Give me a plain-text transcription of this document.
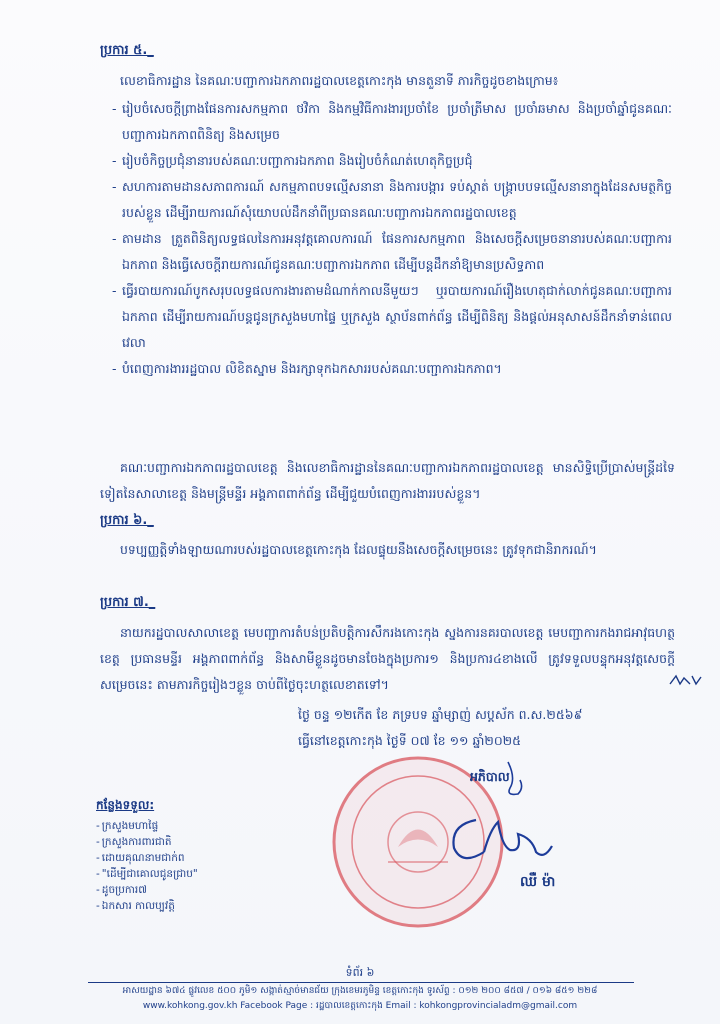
ប្រការ ៥._
លេខាធិការដ្ឋាន នៃគណៈបញ្ជាការឯកភាពរដ្ឋបាលខេត្តកោះកុង មានតួនាទី ភារកិច្ចដូចខាងក្រោម៖
- រៀបចំសេចក្តីព្រាងផែនការសកម្មភាព ថវិកា និងកម្មវិធីការងារប្រចាំខែ ប្រចាំត្រីមាស ប្រចាំឆមាស និងប្រចាំឆ្នាំជូនគណៈបញ្ជាការឯកភាពពិនិត្យ និងសម្រេច
- រៀបចំកិច្ចប្រជុំនានារបស់គណៈបញ្ជាការឯកភាព និងរៀបចំកំណត់ហេតុកិច្ចប្រជុំ
- សហការតាមដានសភាពការណ៍ សកម្មភាពបទល្មើសនានា និងការបង្ការ ទប់ស្កាត់ បង្ក្រាបបទល្មើសនានាក្នុងដែនសមត្ថកិច្ចរបស់ខ្លួន ដើម្បីរាយការណ៍សុំយោបល់ដឹកនាំពីប្រធានគណៈបញ្ជាការឯកភាពរដ្ឋបាលខេត្ត
- តាមដាន ត្រួតពិនិត្យលទ្ធផលនៃការអនុវត្តគោលការណ៍ ផែនការសកម្មភាព និងសេចក្តីសម្រេចនានារបស់គណៈបញ្ជាការឯកភាព និងធ្វើសេចក្តីរាយការណ៍ជូនគណៈបញ្ជាការឯកភាព ដើម្បីបន្តដឹកនាំឱ្យមានប្រសិទ្ធភាព
- ធ្វើរបាយការណ៍បូកសរុបលទ្ធផលការងារតាមដំណាក់កាលនីមួយៗ ឬរបាយការណ៍រឿងហេតុជាក់លាក់ជូនគណៈបញ្ជាការឯកភាព ដើម្បីរាយការណ៍បន្តជូនក្រសួងមហាផ្ទៃ ឬក្រសួង ស្ថាប័នពាក់ព័ន្ធ ដើម្បីពិនិត្យ និងផ្តល់អនុសាសន៍ដឹកនាំទាន់ពេលវេលា
- បំពេញការងាររដ្ឋបាល លិខិតស្នាម និងរក្សាទុកឯកសាររបស់គណៈបញ្ជាការឯកភាព។
គណៈបញ្ជាការឯកភាពរដ្ឋបាលខេត្ត និងលេខាធិការដ្ឋាននៃគណៈបញ្ជាការឯកភាពរដ្ឋបាលខេត្ត មានសិទ្ធិប្រើប្រាស់មន្ត្រីដទៃទៀតនៃសាលាខេត្ត និងមន្ត្រីមន្ទីរ អង្គភាពពាក់ព័ន្ធ ដើម្បីជួយបំពេញការងាររបស់ខ្លួន។
ប្រការ ៦._
បទប្បញ្ញត្តិទាំងឡាយណារបស់រដ្ឋបាលខេត្តកោះកុង ដែលផ្ទុយនឹងសេចក្តីសម្រេចនេះ ត្រូវទុកជានិរាករណ៍។
ប្រការ ៧._
នាយករដ្ឋបាលសាលាខេត្ត មេបញ្ជាការតំបន់ប្រតិបត្តិការសឹករងកោះកុង ស្នងការនគរបាលខេត្ត មេបញ្ជាការកងរាជអាវុធហត្ថខេត្ត ប្រធានមន្ទីរ អង្គភាពពាក់ព័ន្ធ និងសាមីខ្លួនដូចមានចែងក្នុងប្រការ១ និងប្រការ៤ខាងលើ ត្រូវទទួលបន្ទុកអនុវត្តសេចក្តីសម្រេចនេះ តាមភារកិច្ចរៀងៗខ្លួន ចាប់ពីថ្ងៃចុះហត្ថលេខាតទៅ។
ថ្ងៃ ចន្ទ ១២កើត ខែ ភទ្របទ ឆ្នាំម្សាញ់ សប្តស័ក ព.ស.២៥៦៩
ធ្វើនៅខេត្តកោះកុង ថ្ងៃទី ០៧ ខែ ១១ ឆ្នាំ២០២៥
អភិបាល
ឈឺ ម៉ា
កន្លែងទទួល:
- ក្រសួងមហាផ្ទៃ
- ក្រសួងការពារជាតិ
- ដោយគុណនាមជាក់ព
- "ដើម្បីជាគោលជូនជ្រាប"
- ដូចប្រការ៧
- ឯកសារ កាលប្បវត្តិ
ទំព័រ ៦
អាសយដ្ឋាន ៦៧៤ ផ្លូវលេខ ៥០០ ភូមិ១ សង្កាត់ស្មាច់មានជ័យ ក្រុងខេមរភូមិន្ទ ខេត្តកោះកុង ទូរស័ព្ទ : ០១២ ២០០ ៨៥៧ / ០១៦ ៨៥១ ២២៨
www.kohkong.gov.kh Facebook Page : រដ្ឋបាលខេត្តកោះកុង Email : kohkongprovincialadm@gmail.com
